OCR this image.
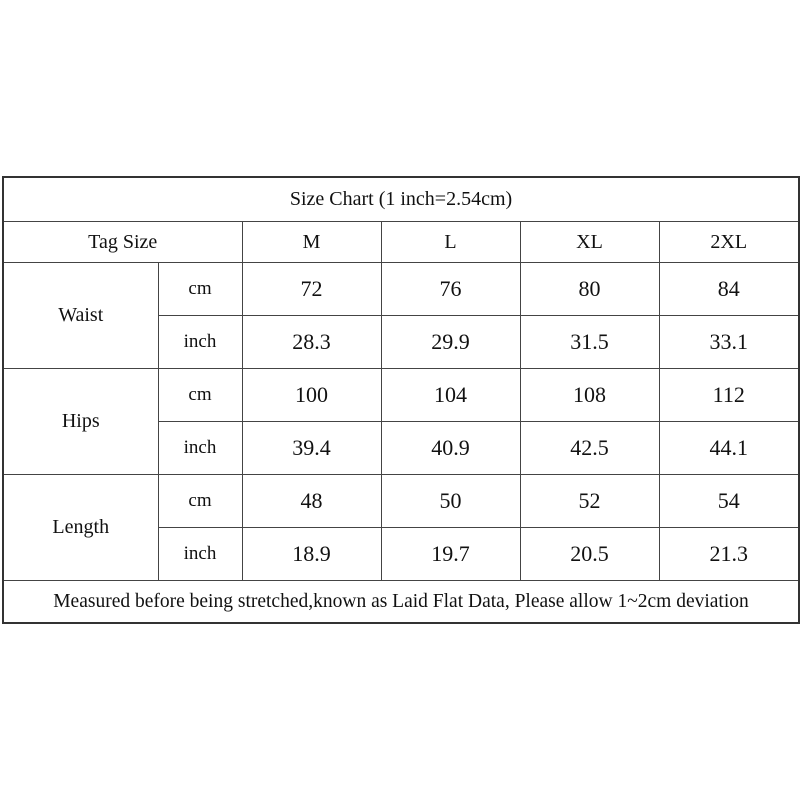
Size Chart (1 inch=2.54cm)					
Tag Size		M	L	XL	2XL
Waist	cm	72	76	80	84
	inch	28.3	29.9	31.5	33.1
Hips	cm	100	104	108	112
	inch	39.4	40.9	42.5	44.1
Length	cm	48	50	52	54
	inch	18.9	19.7	20.5	21.3
Measured before being stretched,known as Laid Flat Data, Please allow 1~2cm deviation					
